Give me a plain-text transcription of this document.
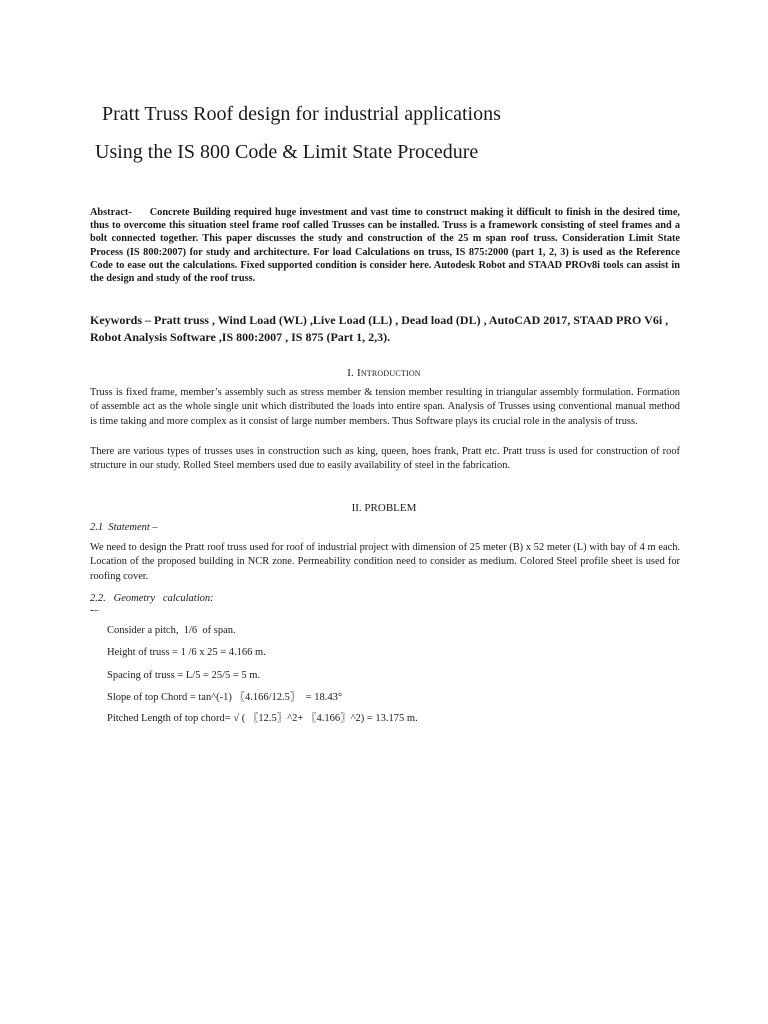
Pratt Truss Roof design for industrial applications
Using the IS 800 Code & Limit State Procedure

Abstract- Concrete Building required huge investment and vast time to construct making it difficult to finish in the desired time, thus to overcome this situation steel frame roof called Trusses can be installed. Truss is a framework consisting of steel frames and a bolt connected together. This paper discusses the study and construction of the 25 m span roof truss. Consideration Limit State Process (IS 800:2007) for study and architecture. For load Calculations on truss, IS 875:2000 (part 1, 2, 3) is used as the Reference Code to ease out the calculations. Fixed supported condition is consider here. Autodesk Robot and STAAD PROv8i tools can assist in the design and study of the roof truss.

Keywords – Pratt truss , Wind Load (WL) ,Live Load (LL) , Dead load (DL) , AutoCAD 2017, STAAD PRO V6i , Robot Analysis Software ,IS 800:2007 , IS 875 (Part 1, 2,3).

I. Introduction

Truss is fixed frame, member’s assembly such as stress member & tension member resulting in triangular assembly formulation. Formation of assemble act as the whole single unit which distributed the loads into entire span. Analysis of Trusses using conventional manual method is time taking and more complex as it consist of large number members. Thus Software plays its crucial role in the analysis of truss.

There are various types of trusses uses in construction such as king, queen, hoes frank, Pratt etc. Pratt truss is used for construction of roof structure in our study. Rolled Steel members used due to easily availability of steel in the fabrication.

II. PROBLEM
2.1  Statement –

We need to design the Pratt roof truss used for roof of industrial project with dimension of 25 meter (B) x 52 meter (L) with bay of 4 m each. Location of the proposed building in NCR zone. Permeability condition need to consider as medium. Colored Steel profile sheet is used for roofing cover.

2.2.   Geometry   calculation:
-–
Consider a pitch,  1/6  of span.
Height of truss = 1 /6 x 25 = 4.166 m.
Spacing of truss = L/5 = 25/5 = 5 m.
Slope of top Chord = tan^(-1) 〖4.166/12.5〗  = 18.43°
Pitched Length of top chord= √ ( 〖12.5〗^2+ 〖4.166〗^2) = 13.175 m.
